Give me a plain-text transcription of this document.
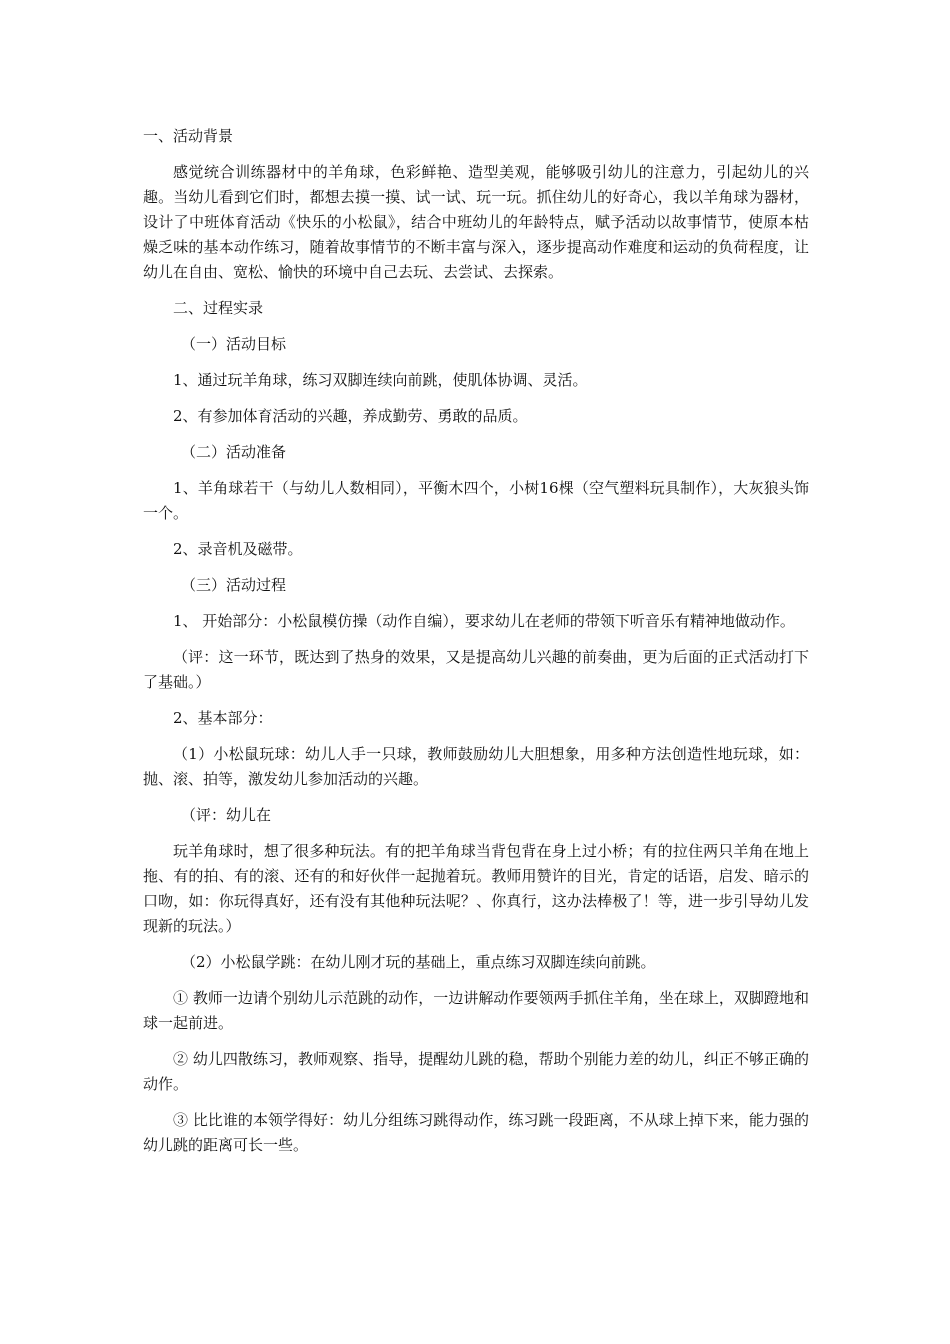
一、活动背景

感觉统合训练器材中的羊角球，色彩鲜艳、造型美观，能够吸引幼儿的注意力，引起幼儿的兴趣。当幼儿看到它们时，都想去摸一摸、试一试、玩一玩。抓住幼儿的好奇心，我以羊角球为器材，设计了中班体育活动《快乐的小松鼠》，结合中班幼儿的年龄特点，赋予活动以故事情节，使原本枯燥乏味的基本动作练习，随着故事情节的不断丰富与深入，逐步提高动作难度和运动的负荷程度，让幼儿在自由、宽松、愉快的环境中自己去玩、去尝试、去探索。

二、过程实录

（一）活动目标

1、通过玩羊角球，练习双脚连续向前跳，使肌体协调、灵活。

2、有参加体育活动的兴趣，养成勤劳、勇敢的品质。

（二）活动准备

1、羊角球若干（与幼儿人数相同），平衡木四个，小树16棵（空气塑料玩具制作），大灰狼头饰一个。

2、录音机及磁带。

（三）活动过程

1、 开始部分：小松鼠模仿操（动作自编），要求幼儿在老师的带领下听音乐有精神地做动作。

（评：这一环节，既达到了热身的效果，又是提高幼儿兴趣的前奏曲，更为后面的正式活动打下了基础。）

2、基本部分：

（1）小松鼠玩球：幼儿人手一只球，教师鼓励幼儿大胆想象，用多种方法创造性地玩球，如：抛、滚、拍等，激发幼儿参加活动的兴趣。

（评：幼儿在

玩羊角球时，想了很多种玩法。有的把羊角球当背包背在身上过小桥；有的拉住两只羊角在地上拖、有的拍、有的滚、还有的和好伙伴一起抛着玩。教师用赞许的目光，肯定的话语，启发、暗示的口吻，如：你玩得真好，还有没有其他种玩法呢？、你真行，这办法棒极了！等，进一步引导幼儿发现新的玩法。）

（2）小松鼠学跳：在幼儿刚才玩的基础上，重点练习双脚连续向前跳。

① 教师一边请个别幼儿示范跳的动作，一边讲解动作要领两手抓住羊角，坐在球上，双脚蹬地和球一起前进。

② 幼儿四散练习，教师观察、指导，提醒幼儿跳的稳，帮助个别能力差的幼儿，纠正不够正确的动作。

③ 比比谁的本领学得好：幼儿分组练习跳得动作，练习跳一段距离，不从球上掉下来，能力强的幼儿跳的距离可长一些。
